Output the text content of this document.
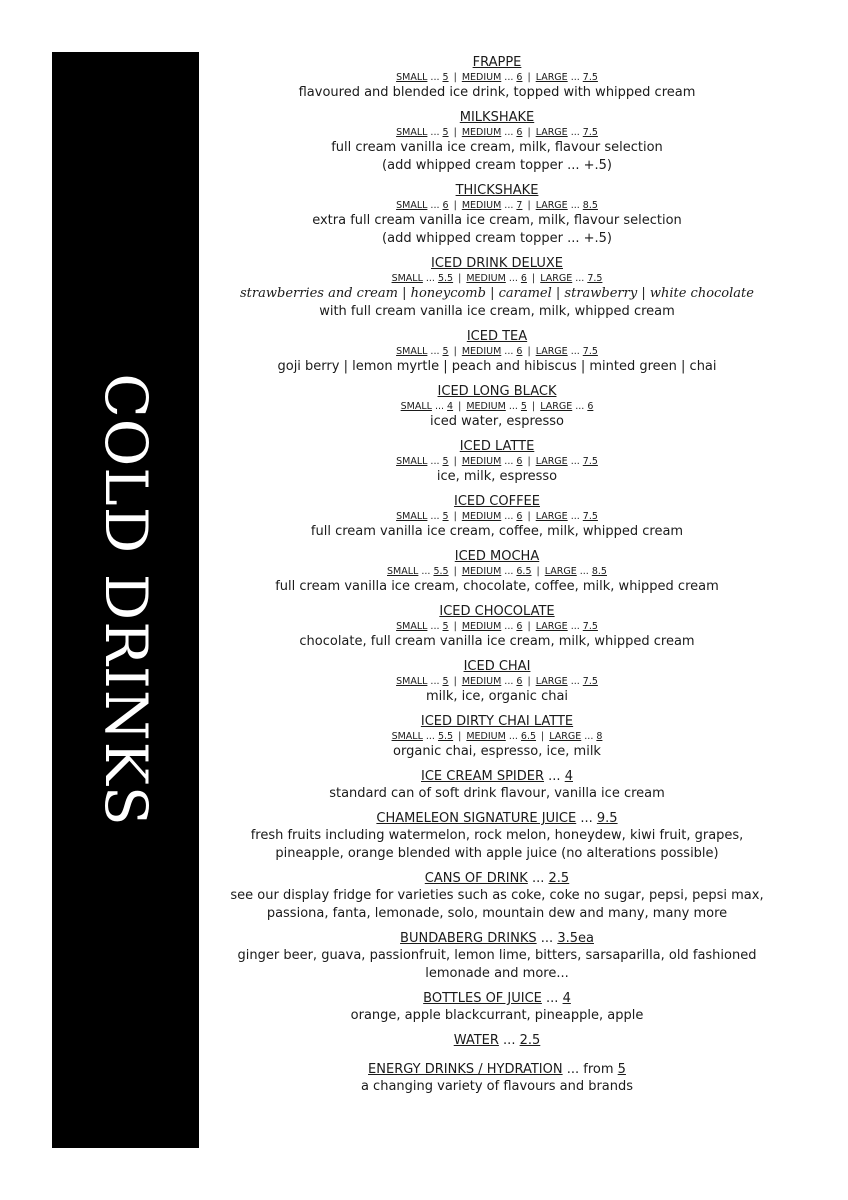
COLD DRINKS
FRAPPE
SMALL ... 5 | MEDIUM ... 6 | LARGE ... 7.5
flavoured and blended ice drink, topped with whipped cream
MILKSHAKE
SMALL ... 5 | MEDIUM ... 6 | LARGE ... 7.5
full cream vanilla ice cream, milk, flavour selection
(add whipped cream topper ... +.5)
THICKSHAKE
SMALL ... 6 | MEDIUM ... 7 | LARGE ... 8.5
extra full cream vanilla ice cream, milk, flavour selection
(add whipped cream topper ... +.5)
ICED DRINK DELUXE
SMALL ... 5.5 | MEDIUM ... 6 | LARGE ... 7.5
strawberries and cream | honeycomb | caramel | strawberry | white chocolate
with full cream vanilla ice cream, milk, whipped cream
ICED TEA
SMALL ... 5 | MEDIUM ... 6 | LARGE ... 7.5
goji berry | lemon myrtle | peach and hibiscus | minted green | chai
ICED LONG BLACK
SMALL ... 4 | MEDIUM ... 5 | LARGE ... 6
iced water, espresso
ICED LATTE
SMALL ... 5 | MEDIUM ... 6 | LARGE ... 7.5
ice, milk, espresso
ICED COFFEE
SMALL ... 5 | MEDIUM ... 6 | LARGE ... 7.5
full cream vanilla ice cream, coffee, milk, whipped cream
ICED MOCHA
SMALL ... 5.5 | MEDIUM ... 6.5 | LARGE ... 8.5
full cream vanilla ice cream, chocolate, coffee, milk, whipped cream
ICED CHOCOLATE
SMALL ... 5 | MEDIUM ... 6 | LARGE ... 7.5
chocolate, full cream vanilla ice cream, milk, whipped cream
ICED CHAI
SMALL ... 5 | MEDIUM ... 6 | LARGE ... 7.5
milk, ice, organic chai
ICED DIRTY CHAI LATTE
SMALL ... 5.5 | MEDIUM ... 6.5 | LARGE ... 8
organic chai, espresso, ice, milk
ICE CREAM SPIDER ... 4
standard can of soft drink flavour, vanilla ice cream
CHAMELEON SIGNATURE JUICE ... 9.5
fresh fruits including watermelon, rock melon, honeydew, kiwi fruit, grapes,
pineapple, orange blended with apple juice (no alterations possible)
CANS OF DRINK ... 2.5
see our display fridge for varieties such as coke, coke no sugar, pepsi, pepsi max,
passiona, fanta, lemonade, solo, mountain dew and many, many more
BUNDABERG DRINKS ... 3.5ea
ginger beer, guava, passionfruit, lemon lime, bitters, sarsaparilla, old fashioned
lemonade and more...
BOTTLES OF JUICE ... 4
orange, apple blackcurrant, pineapple, apple
WATER ... 2.5
ENERGY DRINKS / HYDRATION ... from 5
a changing variety of flavours and brands
